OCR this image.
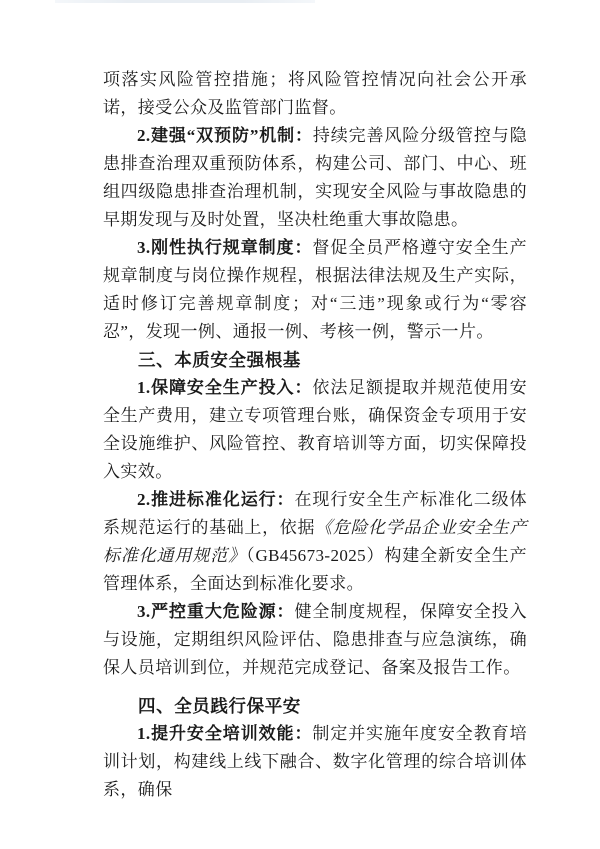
项落实风险管控措施；将风险管控情况向社会公开承诺，接受公众及监管部门监督。

2.建强“双预防”机制：持续完善风险分级管控与隐患排查治理双重预防体系，构建公司、部门、中心、班组四级隐患排查治理机制，实现安全风险与事故隐患的早期发现与及时处置，坚决杜绝重大事故隐患。

3.刚性执行规章制度：督促全员严格遵守安全生产规章制度与岗位操作规程，根据法律法规及生产实际，适时修订完善规章制度；对“三违”现象或行为“零容忍”，发现一例、通报一例、考核一例，警示一片。

三、本质安全强根基

1.保障安全生产投入：依法足额提取并规范使用安全生产费用，建立专项管理台账，确保资金专项用于安全设施维护、风险管控、教育培训等方面，切实保障投入实效。

2.推进标准化运行：在现行安全生产标准化二级体系规范运行的基础上，依据《危险化学品企业安全生产标准化通用规范》（GB45673-2025）构建全新安全生产管理体系，全面达到标准化要求。

3.严控重大危险源：健全制度规程，保障安全投入与设施，定期组织风险评估、隐患排查与应急演练，确保人员培训到位，并规范完成登记、备案及报告工作。

四、全员践行保平安

1.提升安全培训效能：制定并实施年度安全教育培训计划，构建线上线下融合、数字化管理的综合培训体系，确保
